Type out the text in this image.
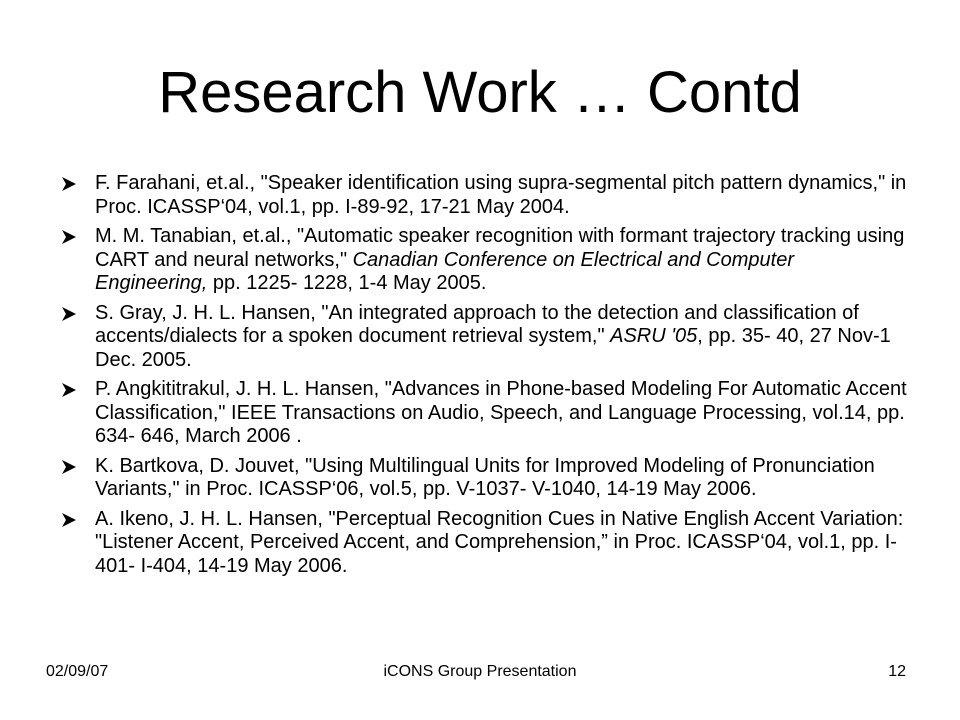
Research Work … Contd
F. Farahani, et.al., "Speaker identification using supra-segmental pitch pattern dynamics," in Proc. ICASSP‘04, vol.1, pp. I-89-92, 17-21 May 2004.
M. M. Tanabian, et.al., "Automatic speaker recognition with formant trajectory tracking using CART and neural networks," Canadian Conference on Electrical and Computer Engineering, pp. 1225- 1228, 1-4 May 2005.
S. Gray, J. H. L. Hansen, "An integrated approach to the detection and classification of accents/dialects for a spoken document retrieval system," ASRU '05, pp. 35- 40, 27 Nov-1 Dec. 2005.
P. Angkititrakul, J. H. L. Hansen, "Advances in Phone-based Modeling For Automatic Accent Classification," IEEE Transactions on Audio, Speech, and Language Processing, vol.14, pp. 634- 646, March 2006 .
K. Bartkova, D. Jouvet, "Using Multilingual Units for Improved Modeling of Pronunciation Variants," in Proc. ICASSP‘06, vol.5, pp. V-1037- V-1040, 14-19 May 2006.
A. Ikeno, J. H. L. Hansen, "Perceptual Recognition Cues in Native English Accent Variation: "Listener Accent, Perceived Accent, and Comprehension,” in Proc. ICASSP‘04, vol.1, pp. I-401- I-404, 14-19 May 2006.
iCONS Group Presentation
02/09/07	12
